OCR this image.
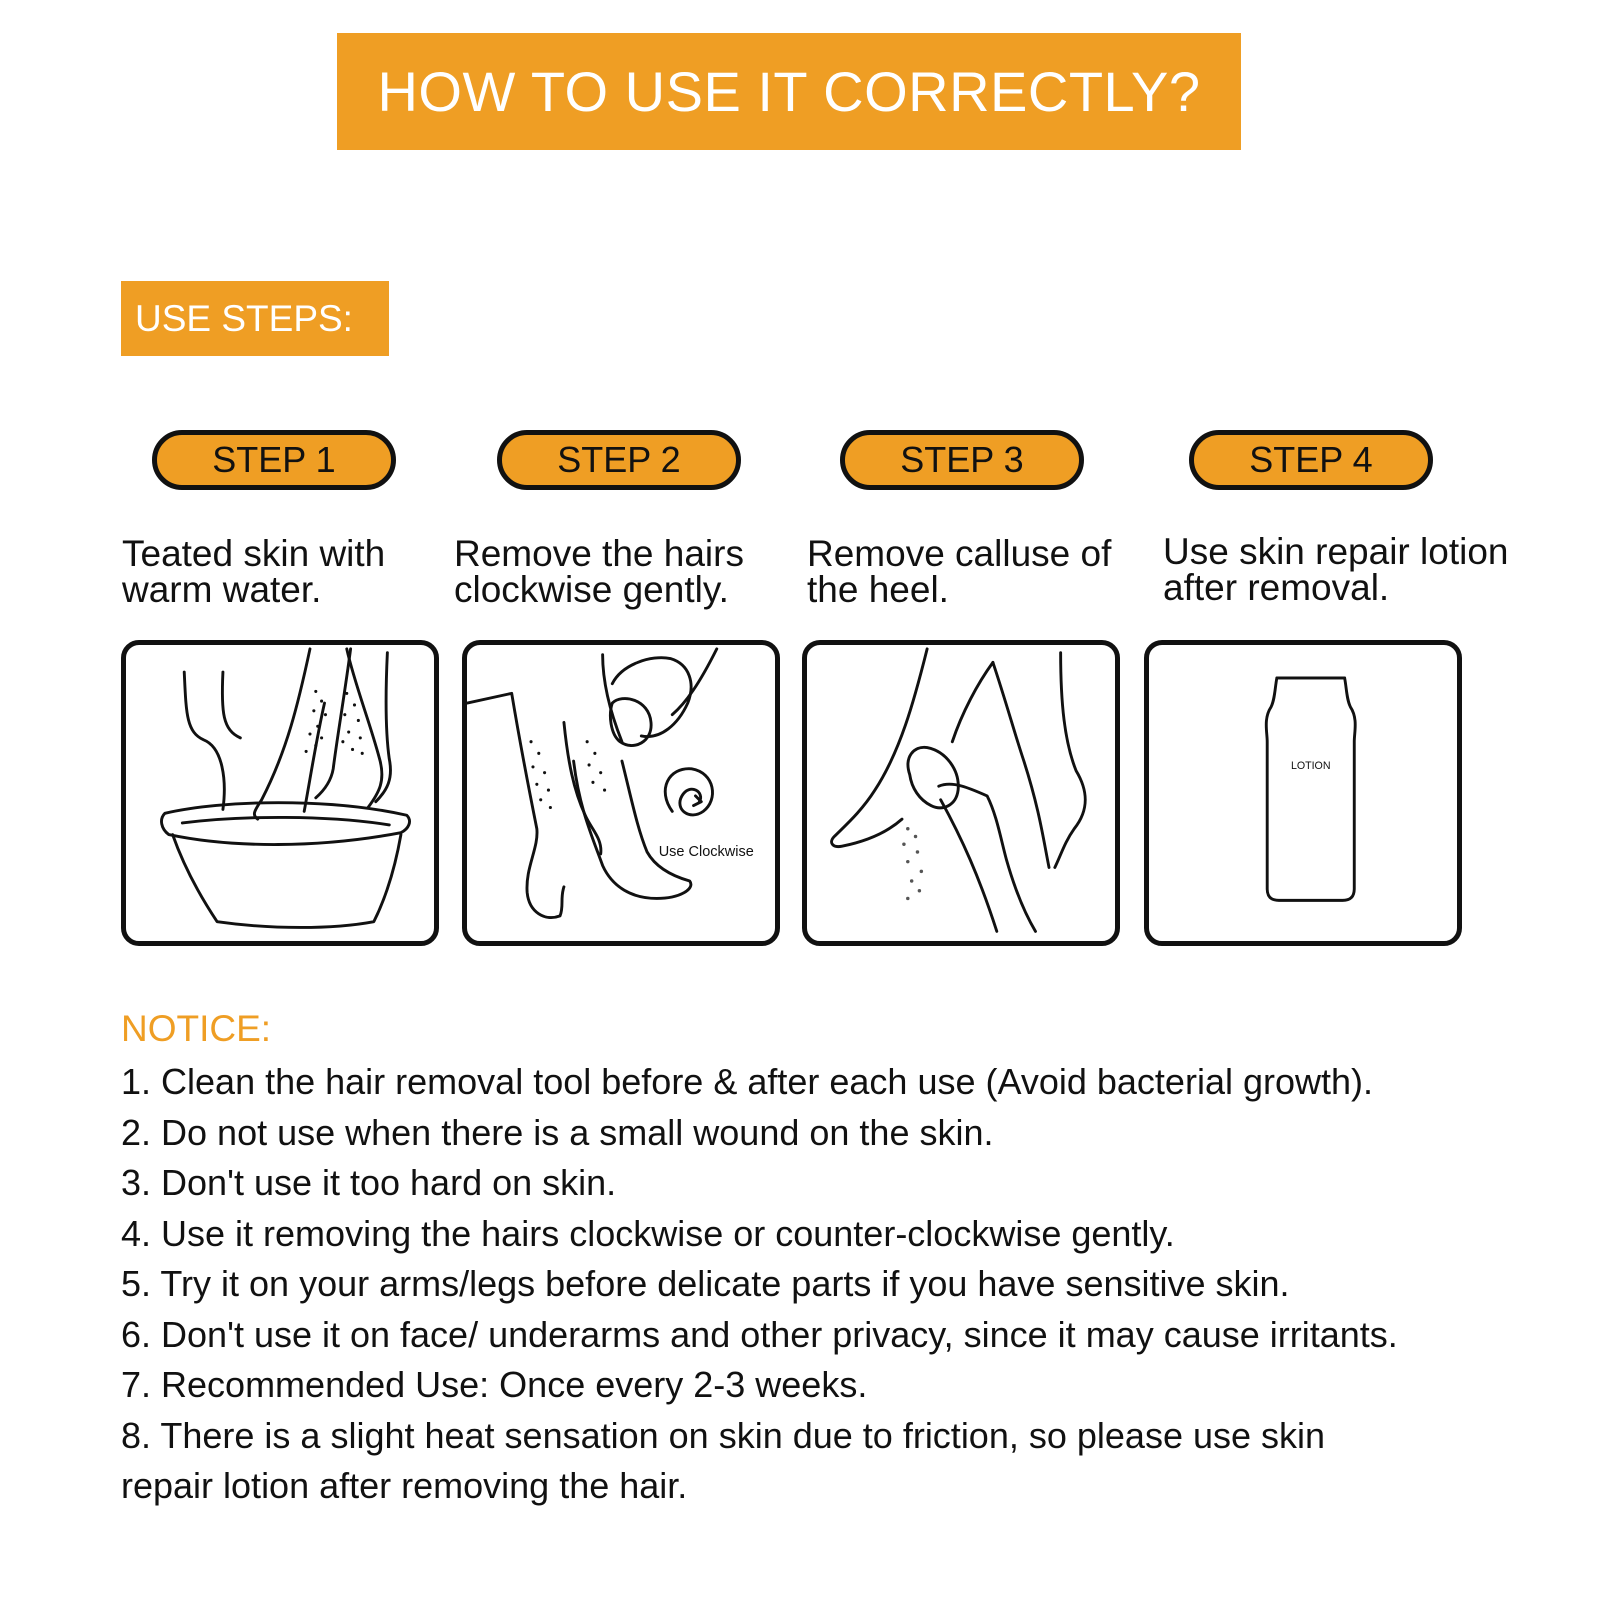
HOW TO USE IT CORRECTLY?
USE STEPS:
STEP 1	STEP 2	STEP 3	STEP 4
Teated skin with
warm water.
Remove the hairs
clockwise gently.
Remove calluse of
the heel.
Use skin repair lotion
after removal.
Use Clockwise
LOTION
NOTICE:
1. Clean the hair removal tool before & after each use (Avoid bacterial growth).
2. Do not use when there is a small wound on the skin.
3. Don't use it too hard on skin.
4. Use it removing the hairs clockwise or counter-clockwise gently.
5. Try it on your arms/legs before delicate parts if you have sensitive skin.
6. Don't use it on face/ underarms and other privacy, since it may cause irritants.
7. Recommended Use: Once every 2-3 weeks.
8. There is a slight heat sensation on skin due to friction, so please use skin
repair lotion after removing the hair.
